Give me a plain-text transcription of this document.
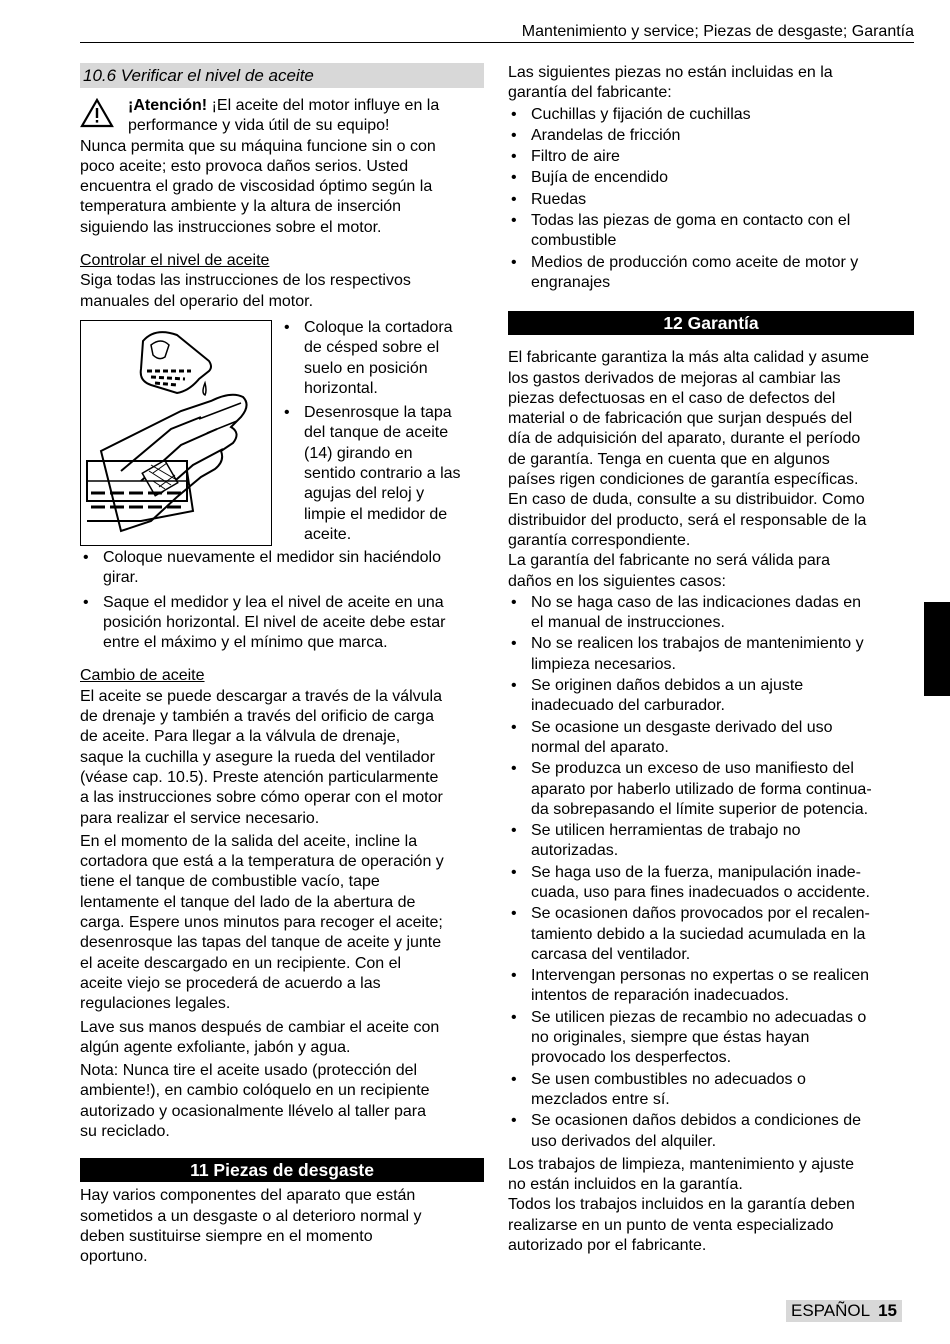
Mantenimiento y service; Piezas de desgaste; Garantía
10.6 Verificar el nivel de aceite
¡Atención! ¡El aceite del motor influye en la
performance y vida útil de su equipo!
Nunca permita que su máquina funcione sin o con
poco aceite; esto provoca daños serios. Usted
encuentra el grado de viscosidad óptimo según la
temperatura ambiente y la altura de inserción
siguiendo las instrucciones sobre el motor.
Controlar el nivel de aceite
Siga todas las instrucciones de los respectivos
manuales del operario del motor.
• Coloque la cortadora
de césped sobre el
suelo en posición
horizontal.
• Desenrosque la tapa
del tanque de aceite
(14) girando en
sentido contrario a las
agujas del reloj y
limpie el medidor de
aceite.
• Coloque nuevamente el medidor sin haciéndolo
girar.
• Saque el medidor y lea el nivel de aceite en una
posición horizontal. El nivel de aceite debe estar
entre el máximo y el mínimo que marca.
Cambio de aceite
El aceite se puede descargar a través de la válvula
de drenaje y también a través del orificio de carga
de aceite. Para llegar a la válvula de drenaje,
saque la cuchilla y asegure la rueda del ventilador
(véase cap. 10.5). Preste atención particularmente
a las instrucciones sobre cómo operar con el motor
para realizar el service necesario.
En el momento de la salida del aceite, incline la
cortadora que está a la temperatura de operación y
tiene el tanque de combustible vacío, tape
lentamente el tanque del lado de la abertura de
carga. Espere unos minutos para recoger el aceite;
desenrosque las tapas del tanque de aceite y junte
el aceite descargado en un recipiente. Con el
aceite viejo se procederá de acuerdo a las
regulaciones legales.
Lave sus manos después de cambiar el aceite con
algún agente exfoliante, jabón y agua.
Nota: Nunca tire el aceite usado (protección del
ambiente!), en cambio colóquelo en un recipiente
autorizado y ocasionalmente llévelo al taller para
su reciclado.
11 Piezas de desgaste
Hay varios componentes del aparato que están
sometidos a un desgaste o al deterioro normal y
deben sustituirse siempre en el momento
oportuno.
Las siguientes piezas no están incluidas en la
garantía del fabricante:
• Cuchillas y fijación de cuchillas
• Arandelas de fricción
• Filtro de aire
• Bujía de encendido
• Ruedas
• Todas las piezas de goma en contacto con el
combustible
• Medios de producción como aceite de motor y
engranajes
12 Garantía
El fabricante garantiza la más alta calidad y asume
los gastos derivados de mejoras al cambiar las
piezas defectuosas en el caso de defectos del
material o de fabricación que surjan después del
día de adquisición del aparato, durante el período
de garantía. Tenga en cuenta que en algunos
países rigen condiciones de garantía específicas.
En caso de duda, consulte a su distribuidor. Como
distribuidor del producto, será el responsable de la
garantía correspondiente.
La garantía del fabricante no será válida para
daños en los siguientes casos:
• No se haga caso de las indicaciones dadas en
el manual de instrucciones.
• No se realicen los trabajos de mantenimiento y
limpieza necesarios.
• Se originen daños debidos a un ajuste
inadecuado del carburador.
• Se ocasione un desgaste derivado del uso
normal del aparato.
• Se produzca un exceso de uso manifiesto del
aparato por haberlo utilizado de forma continua-
da sobrepasando el límite superior de potencia.
• Se utilicen herramientas de trabajo no
autorizadas.
• Se haga uso de la fuerza, manipulación inade-
cuada, uso para fines inadecuados o accidente.
• Se ocasionen daños provocados por el recalen-
tamiento debido a la suciedad acumulada en la
carcasa del ventilador.
• Intervengan personas no expertas o se realicen
intentos de reparación inadecuados.
• Se utilicen piezas de recambio no adecuadas o
no originales, siempre que éstas hayan
provocado los desperfectos.
• Se usen combustibles no adecuados o
mezclados entre sí.
• Se ocasionen daños debidos a condiciones de
uso derivados del alquiler.
Los trabajos de limpieza, mantenimiento y ajuste
no están incluidos en la garantía.
Todos los trabajos incluidos en la garantía deben
realizarse en un punto de venta especializado
autorizado por el fabricante.
ESPAÑOL 15
